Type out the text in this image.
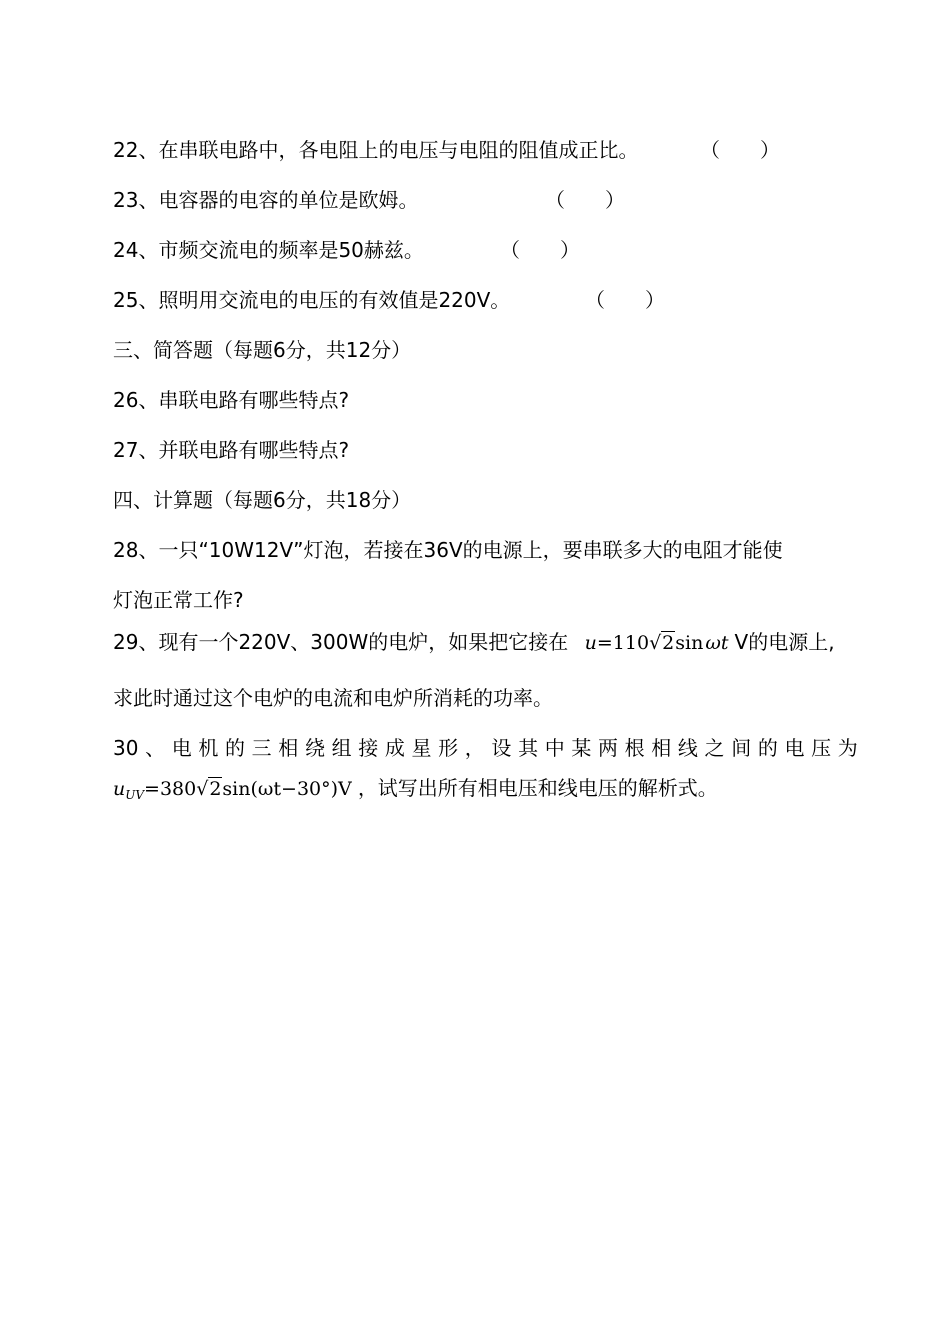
22、在串联电路中，各电阻上的电压与电阻的阻值成正比。	（　　）
23、电容器的电容的单位是欧姆。	（　　）
24、市频交流电的频率是50赫兹。	（　　）
25、照明用交流电的电压的有效值是220V。	（　　）
三、简答题（每题6分，共12分）
26、串联电路有哪些特点?
27、并联电路有哪些特点?
四、计算题（每题6分，共18分）
28、一只“10W12V”灯泡，若接在36V的电源上，要串联多大的电阻才能使
灯泡正常工作?
29、现有一个220V、300W的电炉，如果把它接在 u=110√2sin ωt V的电源上,
求此时通过这个电炉的电流和电炉所消耗的功率。
30 、 电 机 的 三 相 绕 组 接 成 星 形 ， 设 其 中 某 两 根 相 线 之 间 的 电 压 为
$u_{UV}=380√2\sin(\omega t-30^\circ)V$ ，试写出所有相电压和线电压的解析式。
